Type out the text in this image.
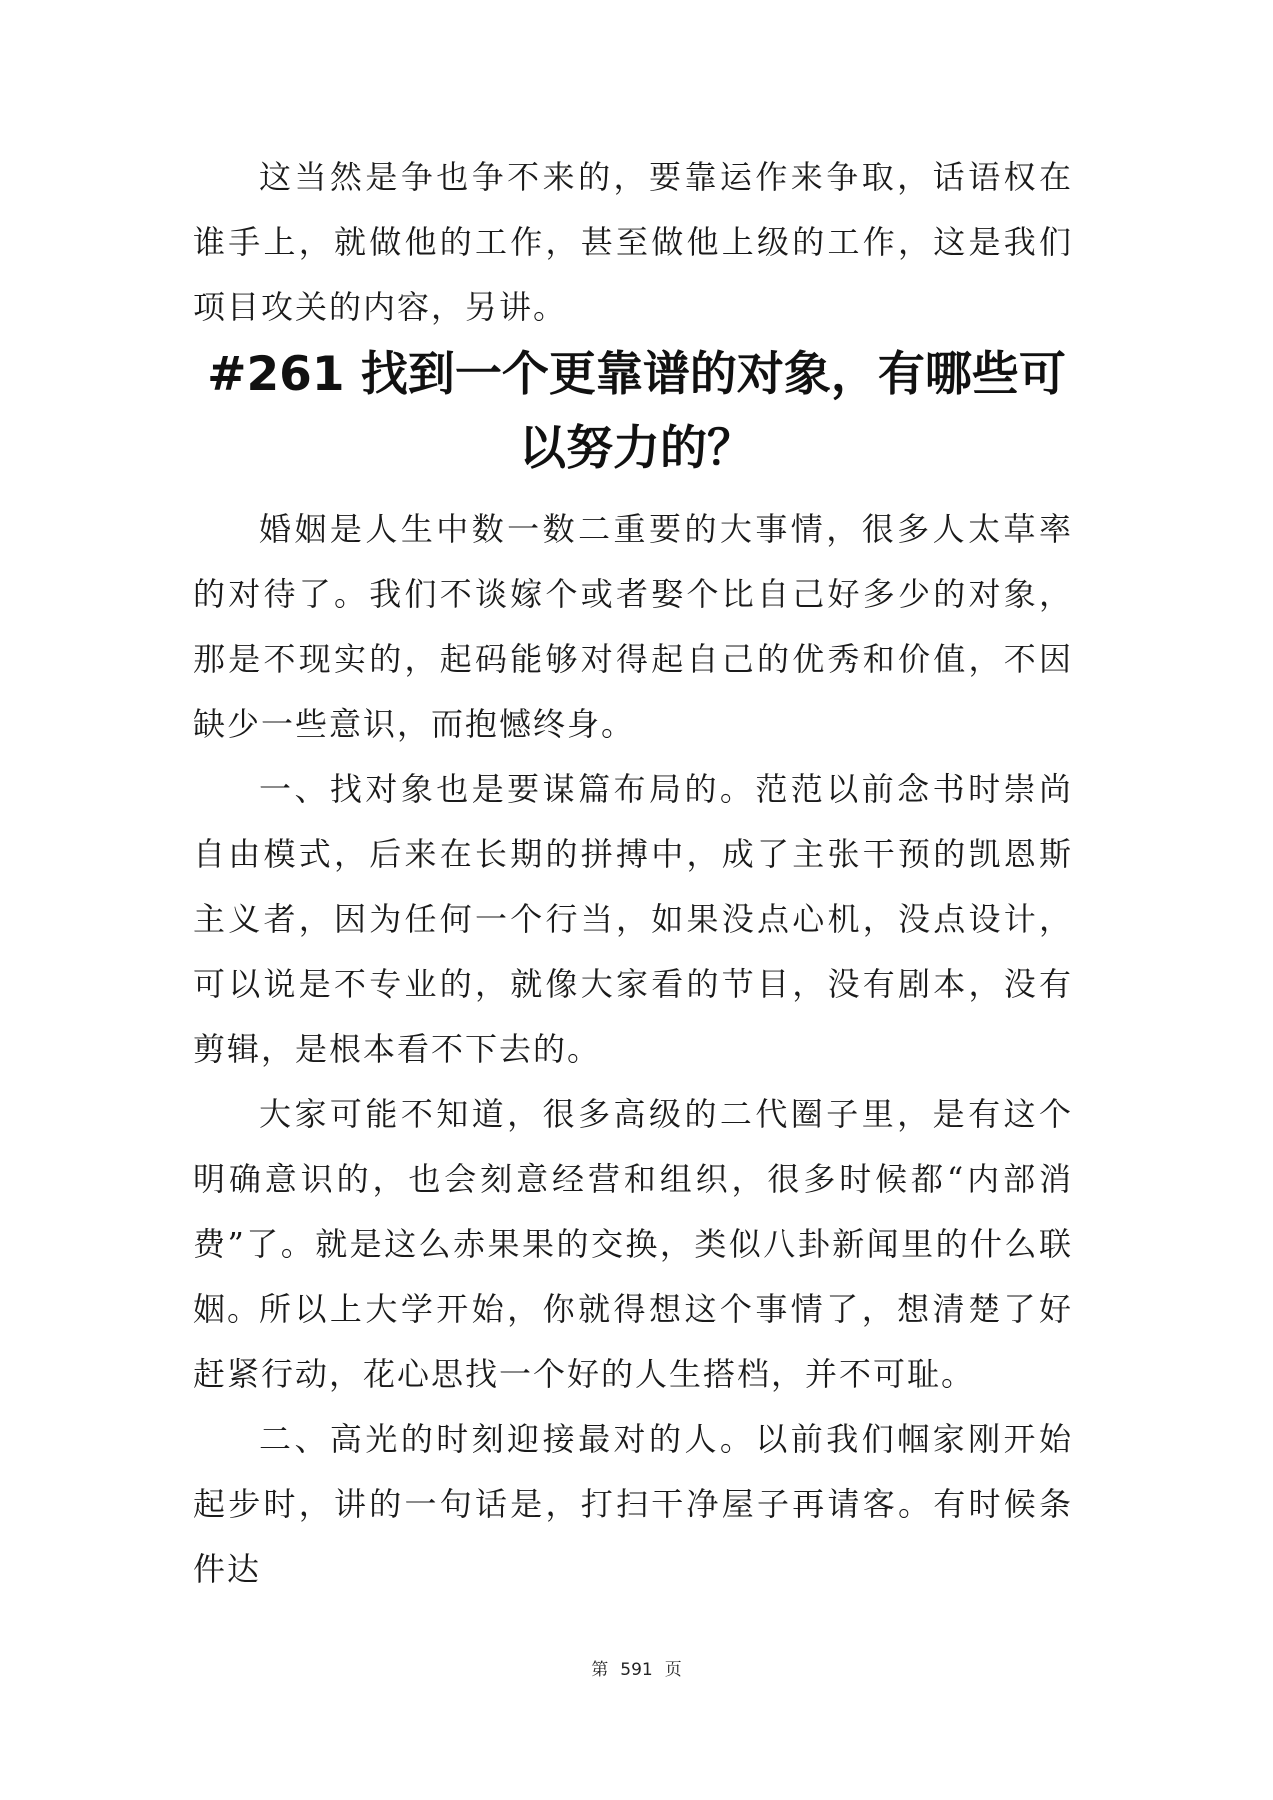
这当然是争也争不来的，要靠运作来争取，话语权在谁手上，就做他的工作，甚至做他上级的工作，这是我们项目攻关的内容，另讲。

#261 找到一个更靠谱的对象，有哪些可
以努力的？

婚姻是人生中数一数二重要的大事情，很多人太草率的对待了。我们不谈嫁个或者娶个比自己好多少的对象，那是不现实的，起码能够对得起自己的优秀和价值，不因缺少一些意识，而抱憾终身。

一、找对象也是要谋篇布局的。范范以前念书时崇尚自由模式，后来在长期的拼搏中，成了主张干预的凯恩斯主义者，因为任何一个行当，如果没点心机，没点设计，可以说是不专业的，就像大家看的节目，没有剧本，没有剪辑，是根本看不下去的。

大家可能不知道，很多高级的二代圈子里，是有这个明确意识的，也会刻意经营和组织，很多时候都“内部消费”了。就是这么赤果果的交换，类似八卦新闻里的什么联姻。

所以上大学开始，你就得想这个事情了，想清楚了好赶紧行动，花心思找一个好的人生搭档，并不可耻。

二、高光的时刻迎接最对的人。以前我们帼家刚开始起步时，讲的一句话是，打扫干净屋子再请客。有时候条件达

第 591 页
